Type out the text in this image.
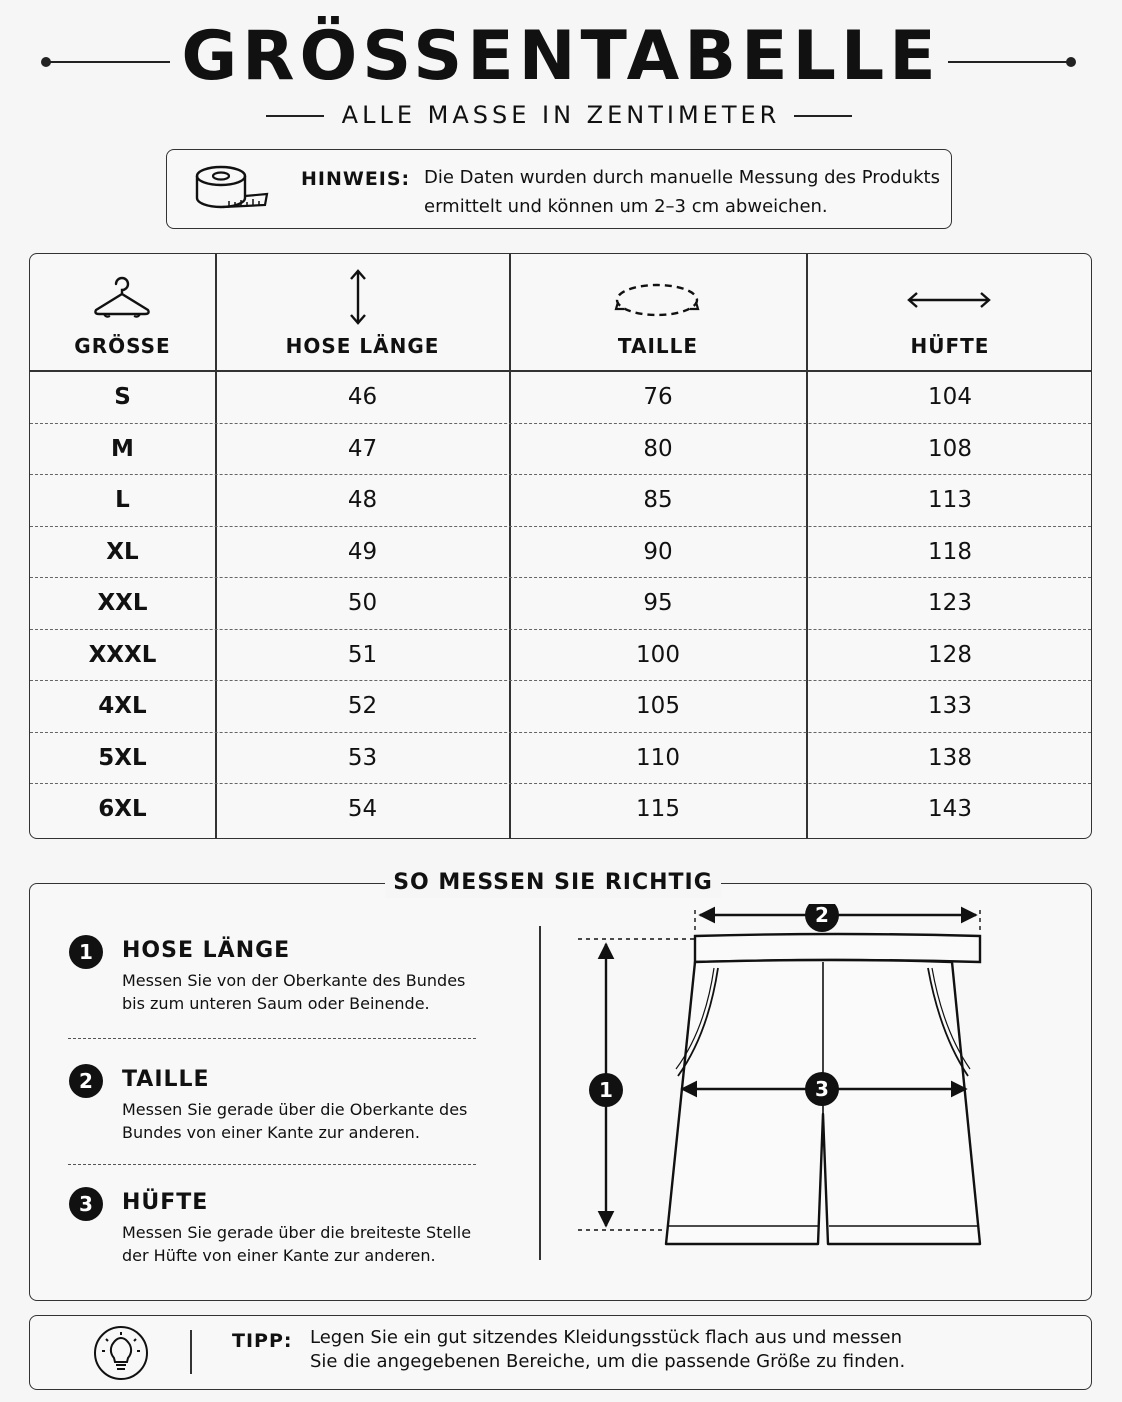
GRÖSSENTABELLE
ALLE MASSE IN ZENTIMETER
HINWEIS: Die Daten wurden durch manuelle Messung des Produkts
ermittelt und können um 2–3 cm abweichen.
GRÖSSE	HOSE LÄNGE	TAILLE	HÜFTE
S	46	76	104
M	47	80	108
L	48	85	113
XL	49	90	118
XXL	50	95	123
XXXL	51	100	128
4XL	52	105	133
5XL	53	110	138
6XL	54	115	143
1	HOSE LÄNGE
Messen Sie von der Oberkante des Bundes
bis zum unteren Saum oder Beinende.
2	TAILLE
Messen Sie gerade über die Oberkante des
Bundes von einer Kante zur anderen.
3	HÜFTE
Messen Sie gerade über die breiteste Stelle
der Hüfte von einer Kante zur anderen.
1
2
3
SO MESSEN SIE RICHTIG
TIPP: Legen Sie ein gut sitzendes Kleidungsstück flach aus und messen
Sie die angegebenen Bereiche, um die passende Größe zu finden.
